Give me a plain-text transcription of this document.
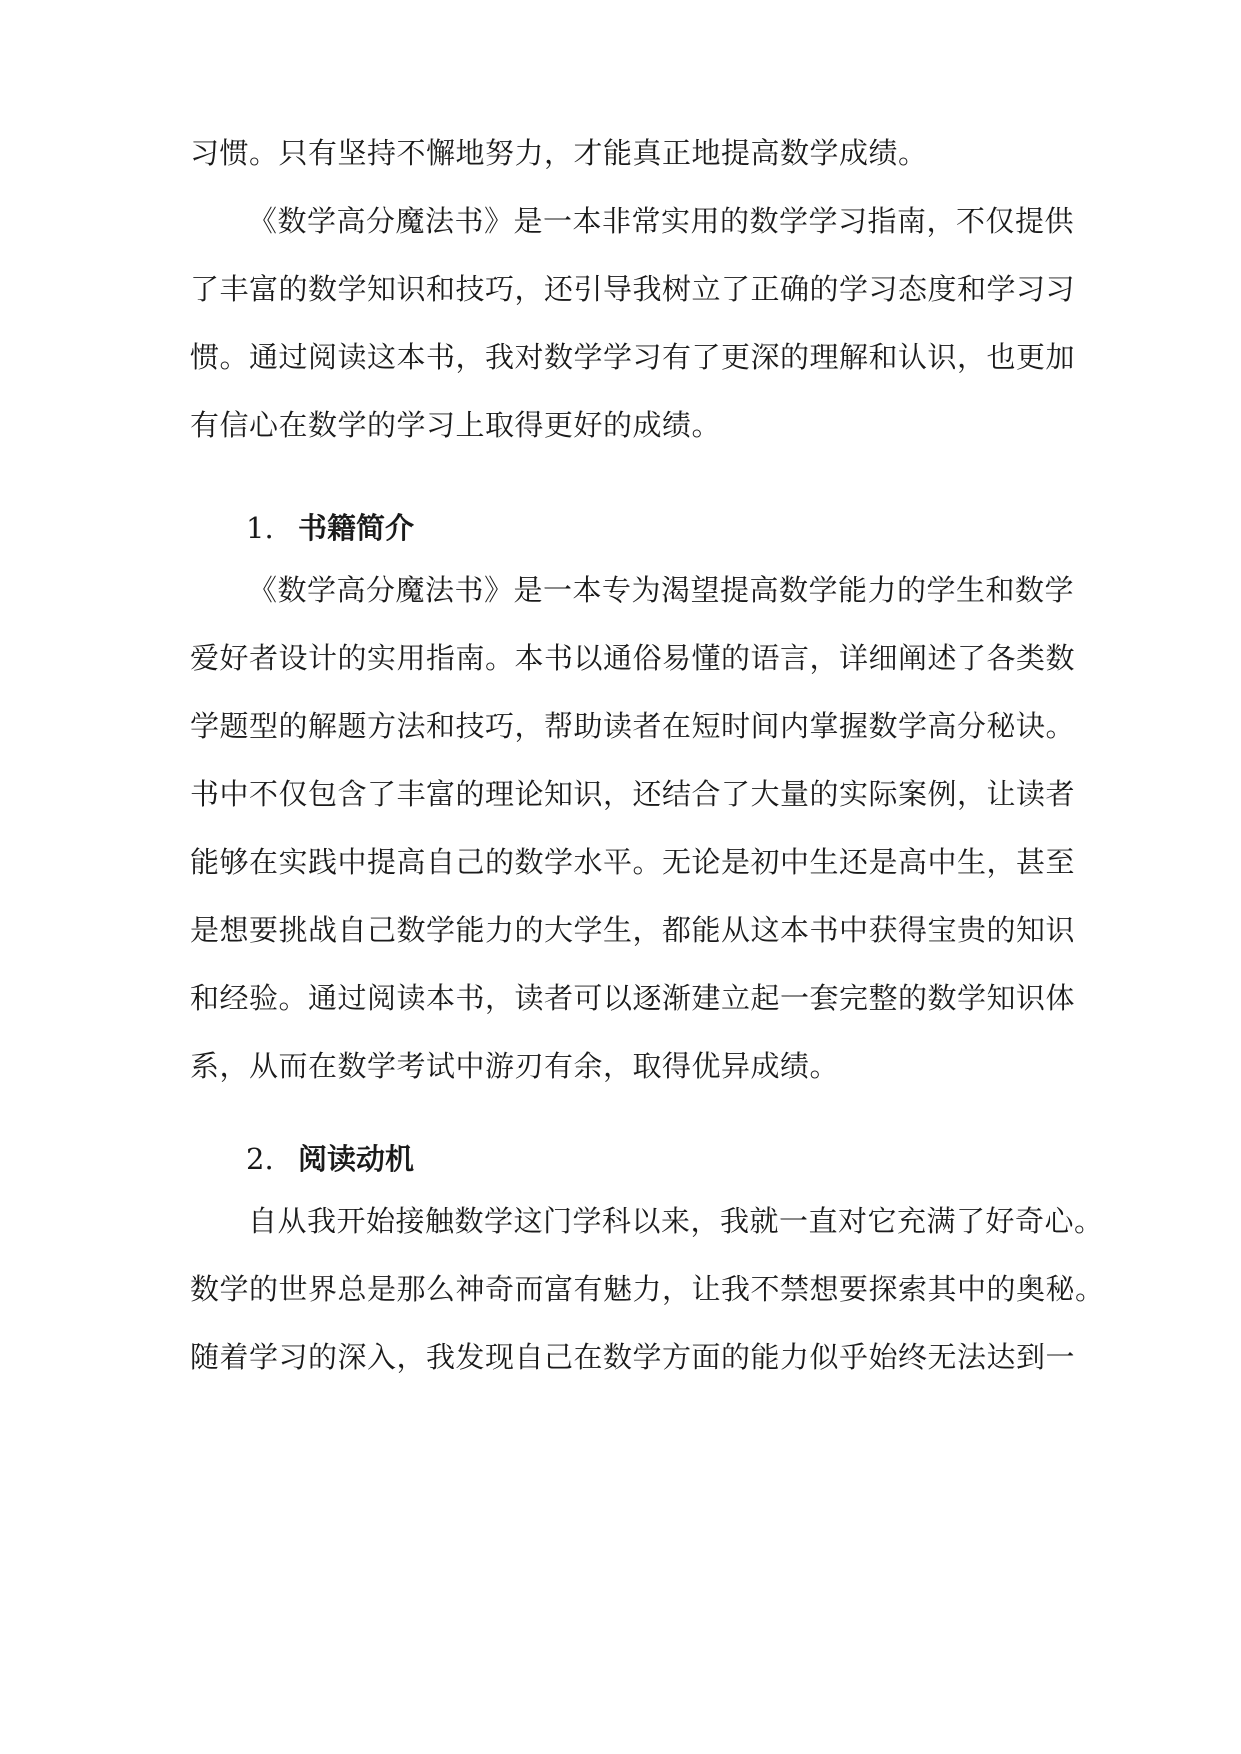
习惯。只有坚持不懈地努力，才能真正地提高数学成绩。
《数学高分魔法书》是一本非常实用的数学学习指南，不仅提供
了丰富的数学知识和技巧，还引导我树立了正确的学习态度和学习习
惯。通过阅读这本书，我对数学学习有了更深的理解和认识，也更加
有信心在数学的学习上取得更好的成绩。
1. 书籍简介
《数学高分魔法书》是一本专为渴望提高数学能力的学生和数学
爱好者设计的实用指南。本书以通俗易懂的语言，详细阐述了各类数
学题型的解题方法和技巧，帮助读者在短时间内掌握数学高分秘诀。
书中不仅包含了丰富的理论知识，还结合了大量的实际案例，让读者
能够在实践中提高自己的数学水平。无论是初中生还是高中生，甚至
是想要挑战自己数学能力的大学生，都能从这本书中获得宝贵的知识
和经验。通过阅读本书，读者可以逐渐建立起一套完整的数学知识体
系，从而在数学考试中游刃有余，取得优异成绩。
2. 阅读动机
自从我开始接触数学这门学科以来，我就一直对它充满了好奇心。
数学的世界总是那么神奇而富有魅力，让我不禁想要探索其中的奥秘。
随着学习的深入，我发现自己在数学方面的能力似乎始终无法达到一
